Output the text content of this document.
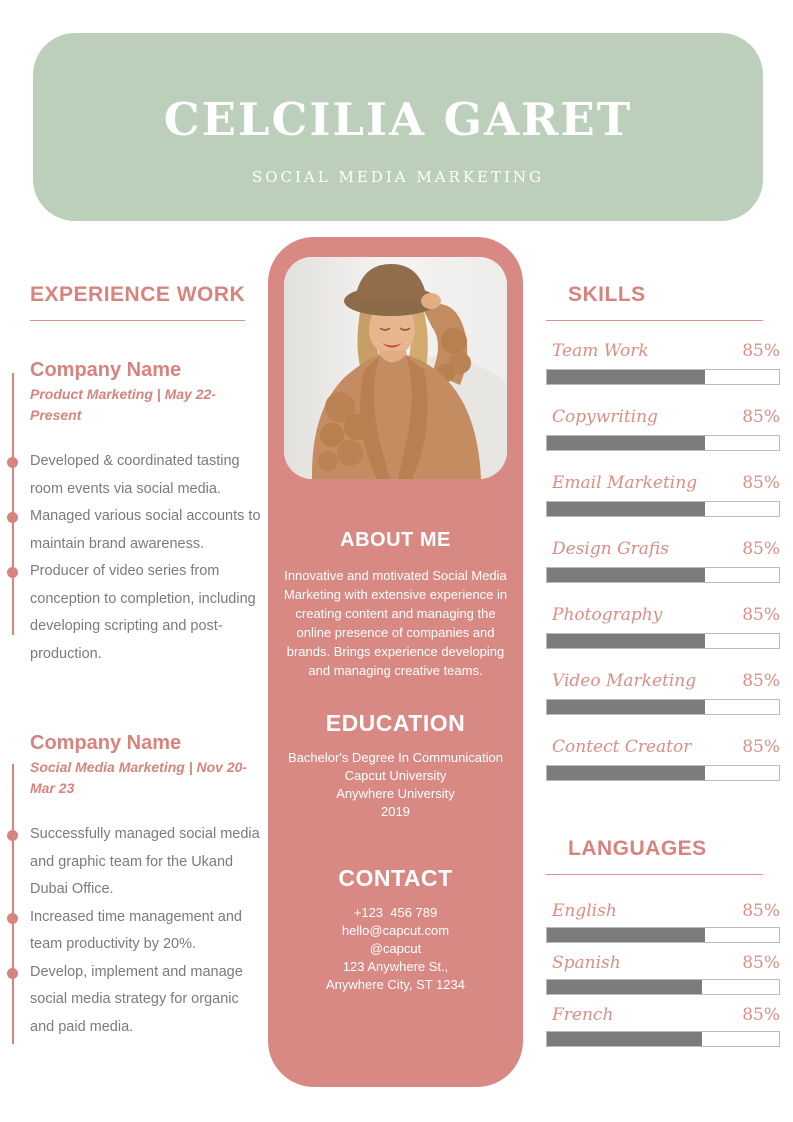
CELCILIA GARET
SOCIAL MEDIA MARKETING
EXPERIENCE WORK
Company Name
Product Marketing | May 22-Present
Developed & coordinated tasting room events via social media.
Managed various social accounts to maintain brand awareness.
Producer of video series from conception to completion, including developing scripting and post-production.
Company Name
Social Media Marketing | Nov 20-Mar 23
Successfully managed social media and graphic team for the Ukand Dubai Office.
Increased time management and team productivity by 20%.
Develop, implement and manage social media strategy for organic and paid media.
ABOUT ME
Innovative and motivated Social Media Marketing with extensive experience in creating content and managing the online presence of companies and brands. Brings experience developing and managing creative teams.
EDUCATION
Bachelor's Degree In Communication
Capcut University
Anywhere University
2019
CONTACT
+123  456 789
hello@capcut.com
@capcut
123 Anywhere St.,
Anywhere City, ST 1234
SKILLS
Team Work	85%
Copywriting	85%
Email Marketing	85%
Design Grafis	85%
Photography	85%
Video Marketing	85%
Contect Creator	85%
LANGUAGES
English	85%
Spanish	85%
French	85%
